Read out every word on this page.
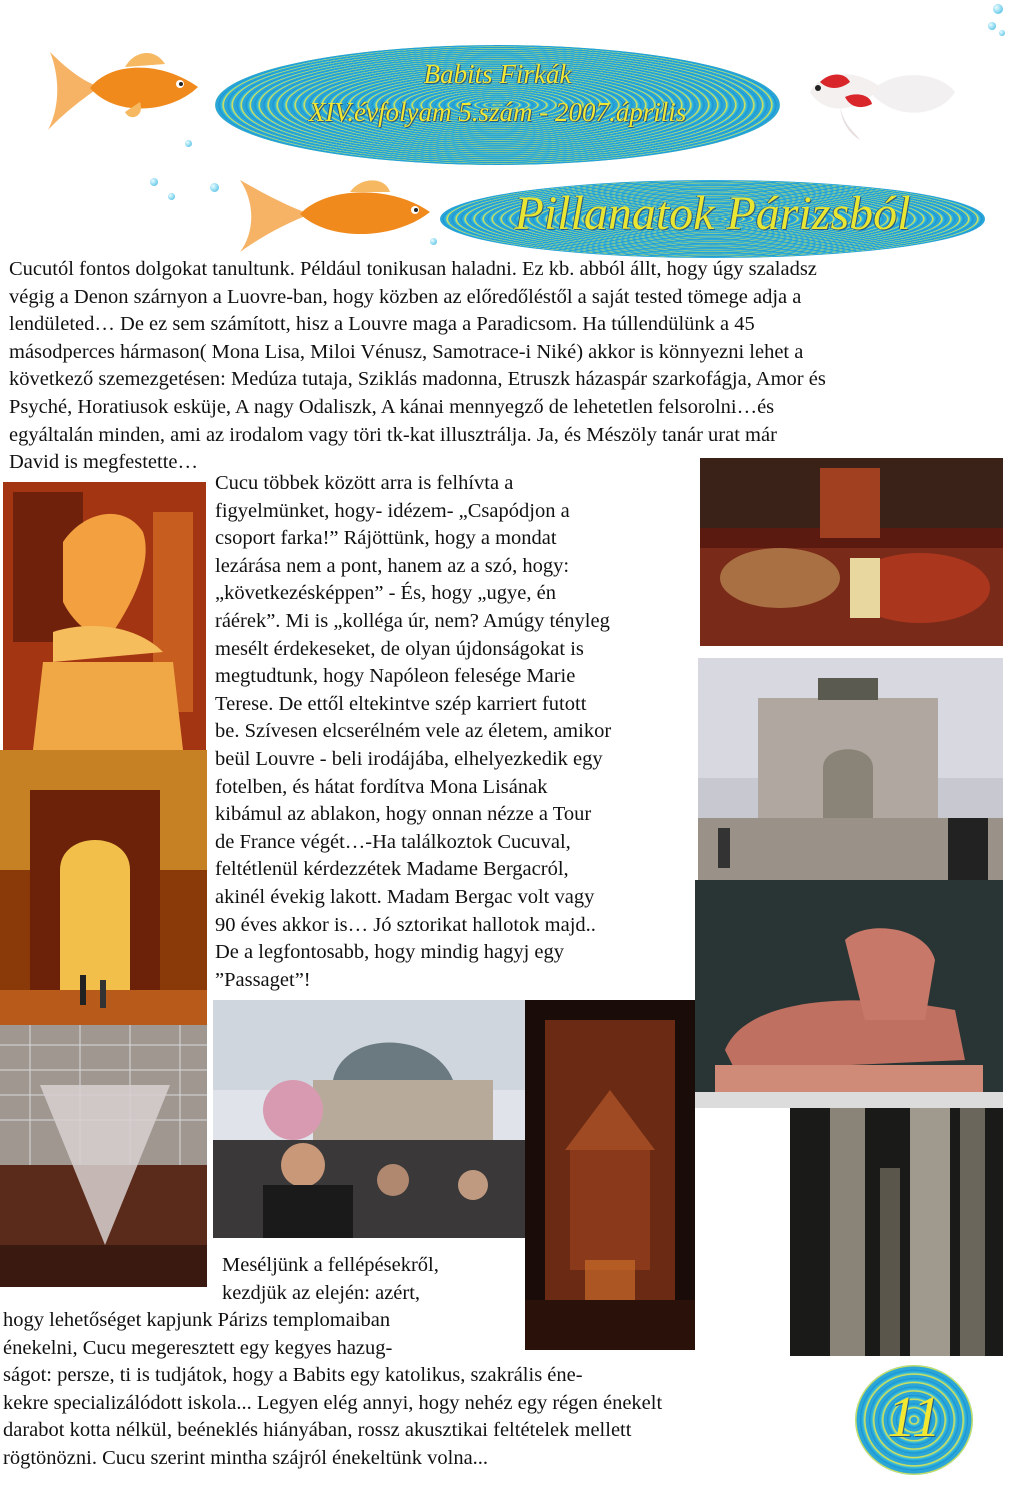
Babits Firkák
XIV.évfolyam 5.szám - 2007.április
Pillanatok Párizsból

Cucutól fontos dolgokat tanultunk. Például tonikusan haladni. Ez kb. abból állt, hogy úgy szaladsz
végig a Denon szárnyon a Luovre-ban, hogy közben az előredőléstől a saját tested tömege adja a
lendületed… De ez sem számított, hisz a Louvre maga a Paradicsom. Ha túllendülünk a 45
másodperces hármason( Mona Lisa, Miloi Vénusz, Samotrace-i Niké) akkor is könnyezni lehet a
következő szemezgetésen: Medúza tutaja, Sziklás madonna, Etruszk házaspár szarkofágja, Amor és
Psyché, Horatiusok esküje, A nagy Odaliszk, A kánai mennyegző de lehetetlen felsorolni…és
egyáltalán minden, ami az irodalom vagy töri tk-kat illusztrálja. Ja, és Mészöly tanár urat már
David is megfestette…

Cucu többek között arra is felhívta a
figyelmünket, hogy- idézem- „Csapódjon a
csoport farka!” Rájöttünk, hogy a mondat
lezárása nem a pont, hanem az a szó, hogy:
„következésképpen” - És, hogy „ugye, én
ráérek”. Mi is „kolléga úr, nem? Amúgy tényleg
mesélt érdekeseket, de olyan újdonságokat is
megtudtunk, hogy Napóleon felesége Marie
Terese. De ettől eltekintve szép karriert futott
be. Szívesen elcserélném vele az életem, amikor
beül Louvre - beli irodájába, elhelyezkedik egy
fotelben, és hátat fordítva Mona Lisának
kibámul az ablakon, hogy onnan nézze a Tour
de France végét…-Ha találkoztok Cucuval,
feltétlenül kérdezzétek Madame Bergacról,
akinél évekig lakott. Madam Bergac volt vagy
90 éves akkor is… Jó sztorikat hallotok majd..
De a legfontosabb, hogy mindig hagyj egy
”Passaget”!

Meséljünk a fellépésekről,
kezdjük az elején: azért,

hogy lehetőséget kapjunk Párizs templomaiban
énekelni, Cucu megeresztett egy kegyes hazug-

ságot: persze, ti is tudjátok, hogy a Babits egy katolikus, szakrális éne-
kekre specializálódott iskola... Legyen elég annyi, hogy nehéz egy régen énekelt
darabot kotta nélkül, beéneklés hiányában, rossz akusztikai feltételek mellett
rögtönözni. Cucu szerint mintha szájról énekeltünk volna...

11
